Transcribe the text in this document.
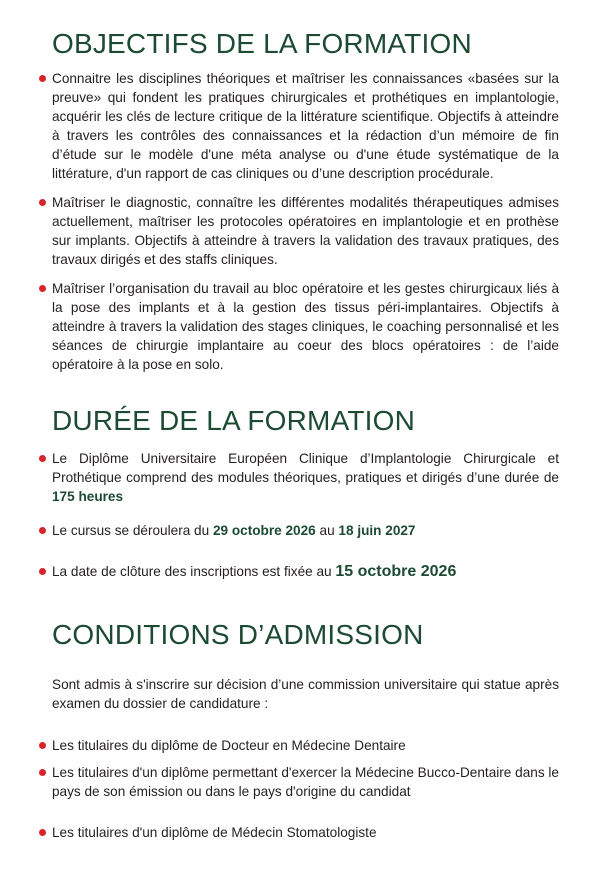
OBJECTIFS DE LA FORMATION
Connaitre les disciplines théoriques et maîtriser les connaissances «basées sur la preuve» qui fondent les pratiques chirurgicales et prothétiques en implantologie, acquérir les clés de lecture critique de la littérature scientifique. Objectifs à atteindre à travers les contrôles des connaissances et la rédaction d’un mémoire de fin d’étude sur le modèle d'une méta analyse ou d'une étude systématique de la littérature, d'un rapport de cas cliniques ou d’une description procédurale.
Maîtriser le diagnostic, connaître les différentes modalités thérapeutiques admises actuellement, maîtriser les protocoles opératoires en implantologie et en prothèse sur implants. Objectifs à atteindre à travers la validation des travaux pratiques, des travaux dirigés et des staffs cliniques.
Maîtriser l’organisation du travail au bloc opératoire et les gestes chirurgicaux liés à la pose des implants et à la gestion des tissus péri-implantaires. Objectifs à atteindre à travers la validation des stages cliniques, le coaching personnalisé et les séances de chirurgie implantaire au coeur des blocs opératoires : de l’aide opératoire à la pose en solo.
DURÉE DE LA FORMATION
Le Diplôme Universitaire Européen Clinique d’Implantologie Chirurgicale et Prothétique comprend des modules théoriques, pratiques et dirigés d’une durée de 175 heures
Le cursus se déroulera du 29 octobre 2026 au 18 juin 2027
La date de clôture des inscriptions est fixée au 15 octobre 2026
CONDITIONS D’ADMISSION
Sont admis à s'inscrire sur décision d’une commission universitaire qui statue après examen du dossier de candidature :
Les titulaires du diplôme de Docteur en Médecine Dentaire
Les titulaires d'un diplôme permettant d'exercer la Médecine Bucco-Dentaire dans le pays de son émission ou dans le pays d'origine du candidat
Les titulaires d'un diplôme de Médecin Stomatologiste
